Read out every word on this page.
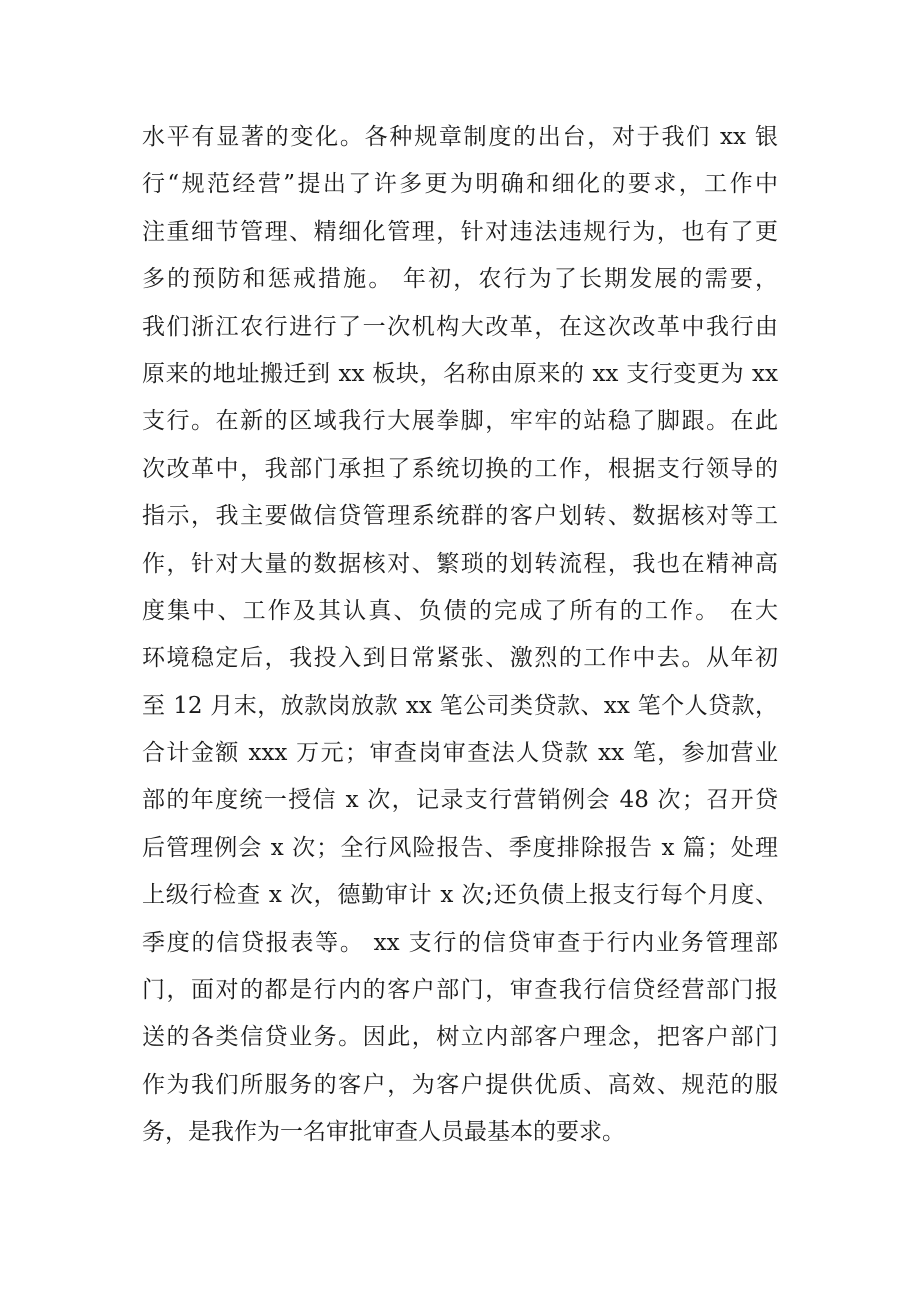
水平有显著的变化。各种规章制度的出台，对于我们 xx 银
行“规范经营”提出了许多更为明确和细化的要求，工作中
注重细节管理、精细化管理，针对违法违规行为，也有了更
多的预防和惩戒措施。 年初，农行为了长期发展的需要，
我们浙江农行进行了一次机构大改革，在这次改革中我行由
原来的地址搬迁到 xx 板块，名称由原来的 xx 支行变更为 xx
支行。在新的区域我行大展拳脚，牢牢的站稳了脚跟。在此
次改革中，我部门承担了系统切换的工作，根据支行领导的
指示，我主要做信贷管理系统群的客户划转、数据核对等工
作，针对大量的数据核对、繁琐的划转流程，我也在精神高
度集中、工作及其认真、负债的完成了所有的工作。 在大
环境稳定后，我投入到日常紧张、激烈的工作中去。从年初
至 12 月末，放款岗放款 xx 笔公司类贷款、xx 笔个人贷款，
合计金额 xxx 万元；审查岗审查法人贷款 xx 笔，参加营业
部的年度统一授信 x 次，记录支行营销例会 48 次；召开贷
后管理例会 x 次；全行风险报告、季度排除报告 x 篇；处理
上级行检查 x 次，德勤审计 x 次;还负债上报支行每个月度、
季度的信贷报表等。 xx 支行的信贷审查于行内业务管理部
门，面对的都是行内的客户部门，审查我行信贷经营部门报
送的各类信贷业务。因此，树立内部客户理念，把客户部门
作为我们所服务的客户，为客户提供优质、高效、规范的服
务，是我作为一名审批审查人员最基本的要求。
